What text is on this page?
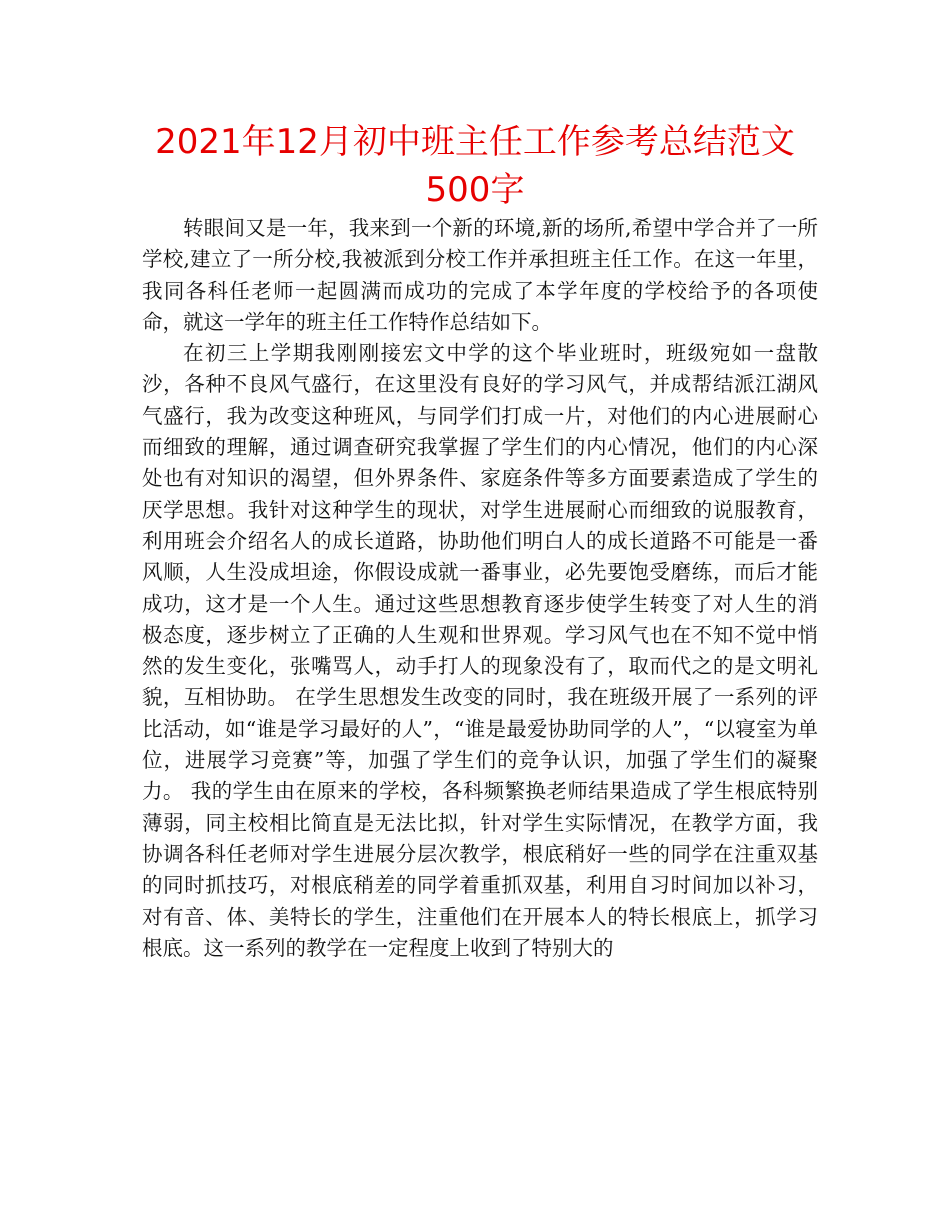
2021年12月初中班主任工作参考总结范文500字

转眼间又是一年，我来到一个新的环境,新的场所,希望中学合并了一所学校,建立了一所分校,我被派到分校工作并承担班主任工作。在这一年里，我同各科任老师一起圆满而成功的完成了本学年度的学校给予的各项使命，就这一学年的班主任工作特作总结如下。

在初三上学期我刚刚接宏文中学的这个毕业班时，班级宛如一盘散沙，各种不良风气盛行，在这里没有良好的学习风气，并成帮结派江湖风气盛行，我为改变这种班风，与同学们打成一片，对他们的内心进展耐心而细致的理解，通过调查研究我掌握了学生们的内心情况，他们的内心深处也有对知识的渴望，但外界条件、家庭条件等多方面要素造成了学生的厌学思想。我针对这种学生的现状，对学生进展耐心而细致的说服教育，利用班会介绍名人的成长道路，协助他们明白人的成长道路不可能是一番风顺，人生没成坦途，你假设成就一番事业，必先要饱受磨练，而后才能成功，这才是一个人生。通过这些思想教育逐步使学生转变了对人生的消极态度，逐步树立了正确的人生观和世界观。学习风气也在不知不觉中悄然的发生变化，张嘴骂人，动手打人的现象没有了，取而代之的是文明礼貌，互相协助。 在学生思想发生改变的同时，我在班级开展了一系列的评比活动，如“谁是学习最好的人”，“谁是最爱协助同学的人”，“以寝室为单位，进展学习竞赛”等，加强了学生们的竞争认识，加强了学生们的凝聚力。 我的学生由在原来的学校，各科频繁换老师结果造成了学生根底特别薄弱，同主校相比简直是无法比拟，针对学生实际情况，在教学方面，我协调各科任老师对学生进展分层次教学，根底稍好一些的同学在注重双基的同时抓技巧，对根底稍差的同学着重抓双基，利用自习时间加以补习，对有音、体、美特长的学生，注重他们在开展本人的特长根底上，抓学习根底。这一系列的教学在一定程度上收到了特别大的
